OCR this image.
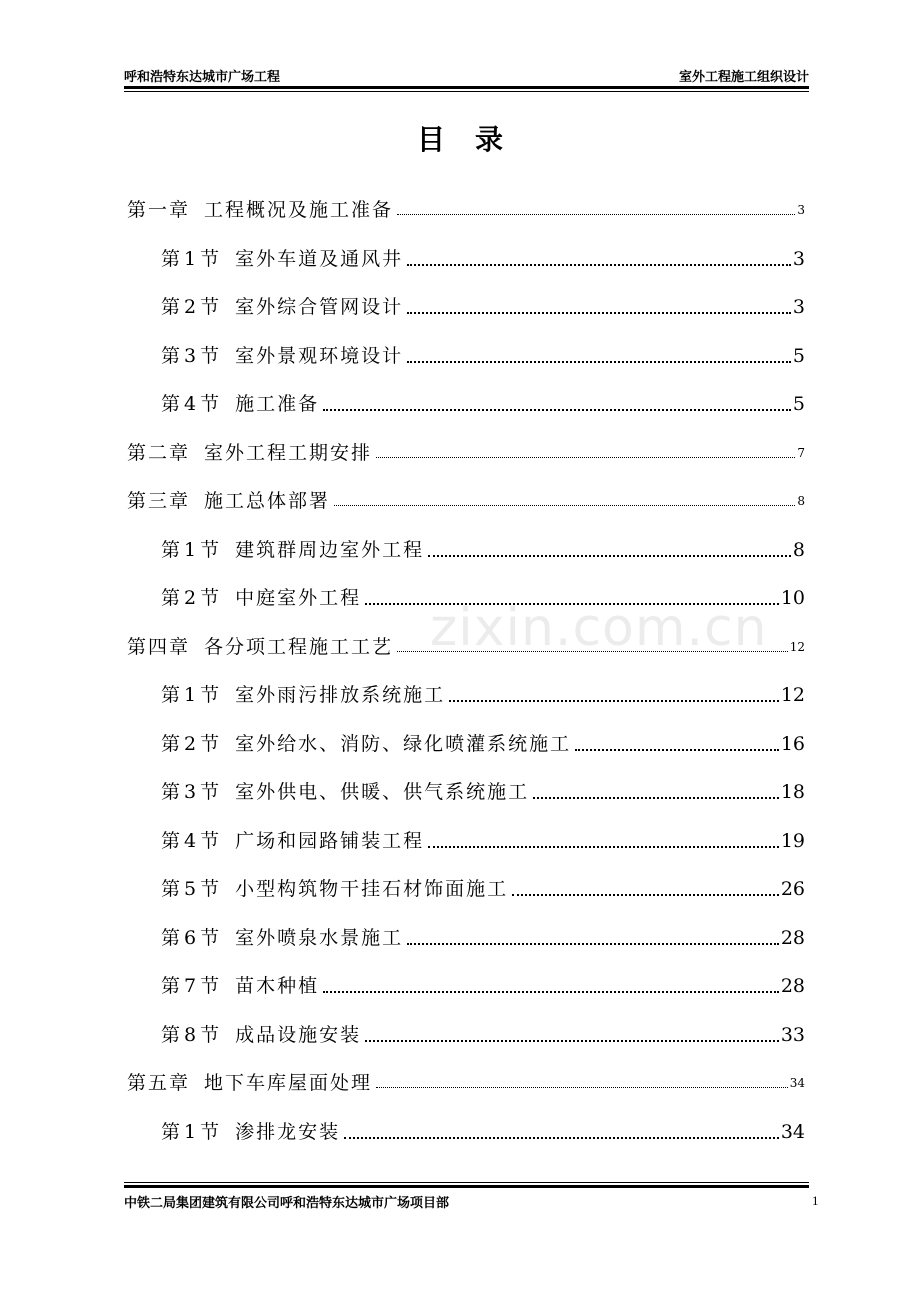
呼和浩特东达城市广场工程	室外工程施工组织设计
目录
第一章 工程概况及施工准备	3
第 1 节 室外车道及通风井	3
第 2 节 室外综合管网设计	3
第 3 节 室外景观环境设计	5
第 4 节 施工准备	5
第二章 室外工程工期安排	7
第三章 施工总体部署	8
第 1 节 建筑群周边室外工程	8
第 2 节 中庭室外工程	10
第四章 各分项工程施工工艺	12
第 1 节 室外雨污排放系统施工	12
第 2 节 室外给水、消防、绿化喷灌系统施工	16
第 3 节 室外供电、供暖、供气系统施工	18
第 4 节 广场和园路铺装工程	19
第 5 节 小型构筑物干挂石材饰面施工	26
第 6 节 室外喷泉水景施工	28
第 7 节 苗木种植	28
第 8 节 成品设施安装	33
第五章 地下车库屋面处理	34
第 1 节 渗排龙安装	34
zixin.com.cn
中铁二局集团建筑有限公司呼和浩特东达城市广场项目部	1
